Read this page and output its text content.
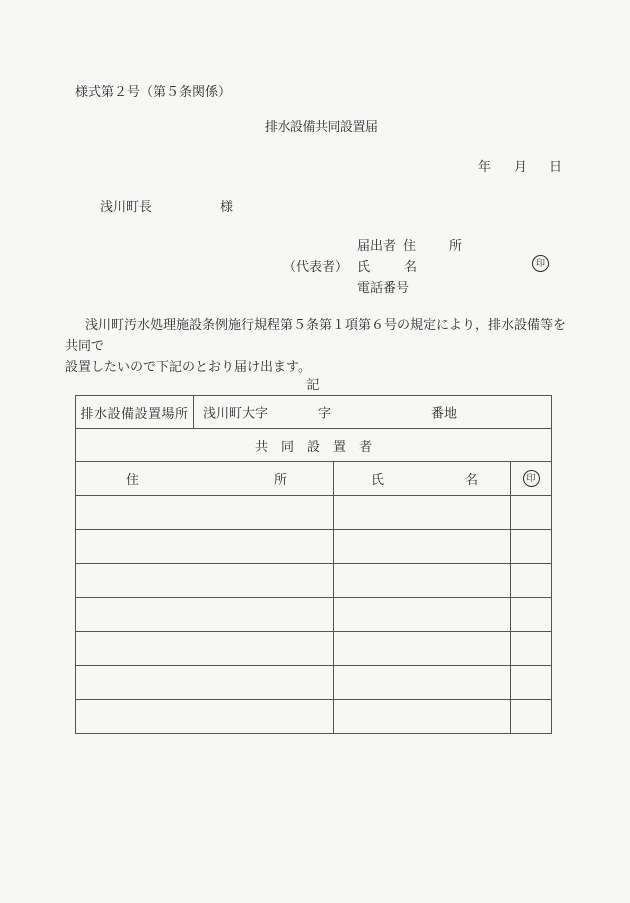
様式第２号（第５条関係）
排水設備共同設置届
年 月 日
浅川町長	様
届出者 住	所
（代表者） 氏	名	印
電話番号
浅川町汚水処理施設条例施行規程第５条第１項第６号の規定により，排水設備等を共同で
設置したいので下記のとおり届け出ます。
記
排水設備設置場所	浅川町大字 字 番地		

共　同　設　置　者			

住 所		氏 名	印
